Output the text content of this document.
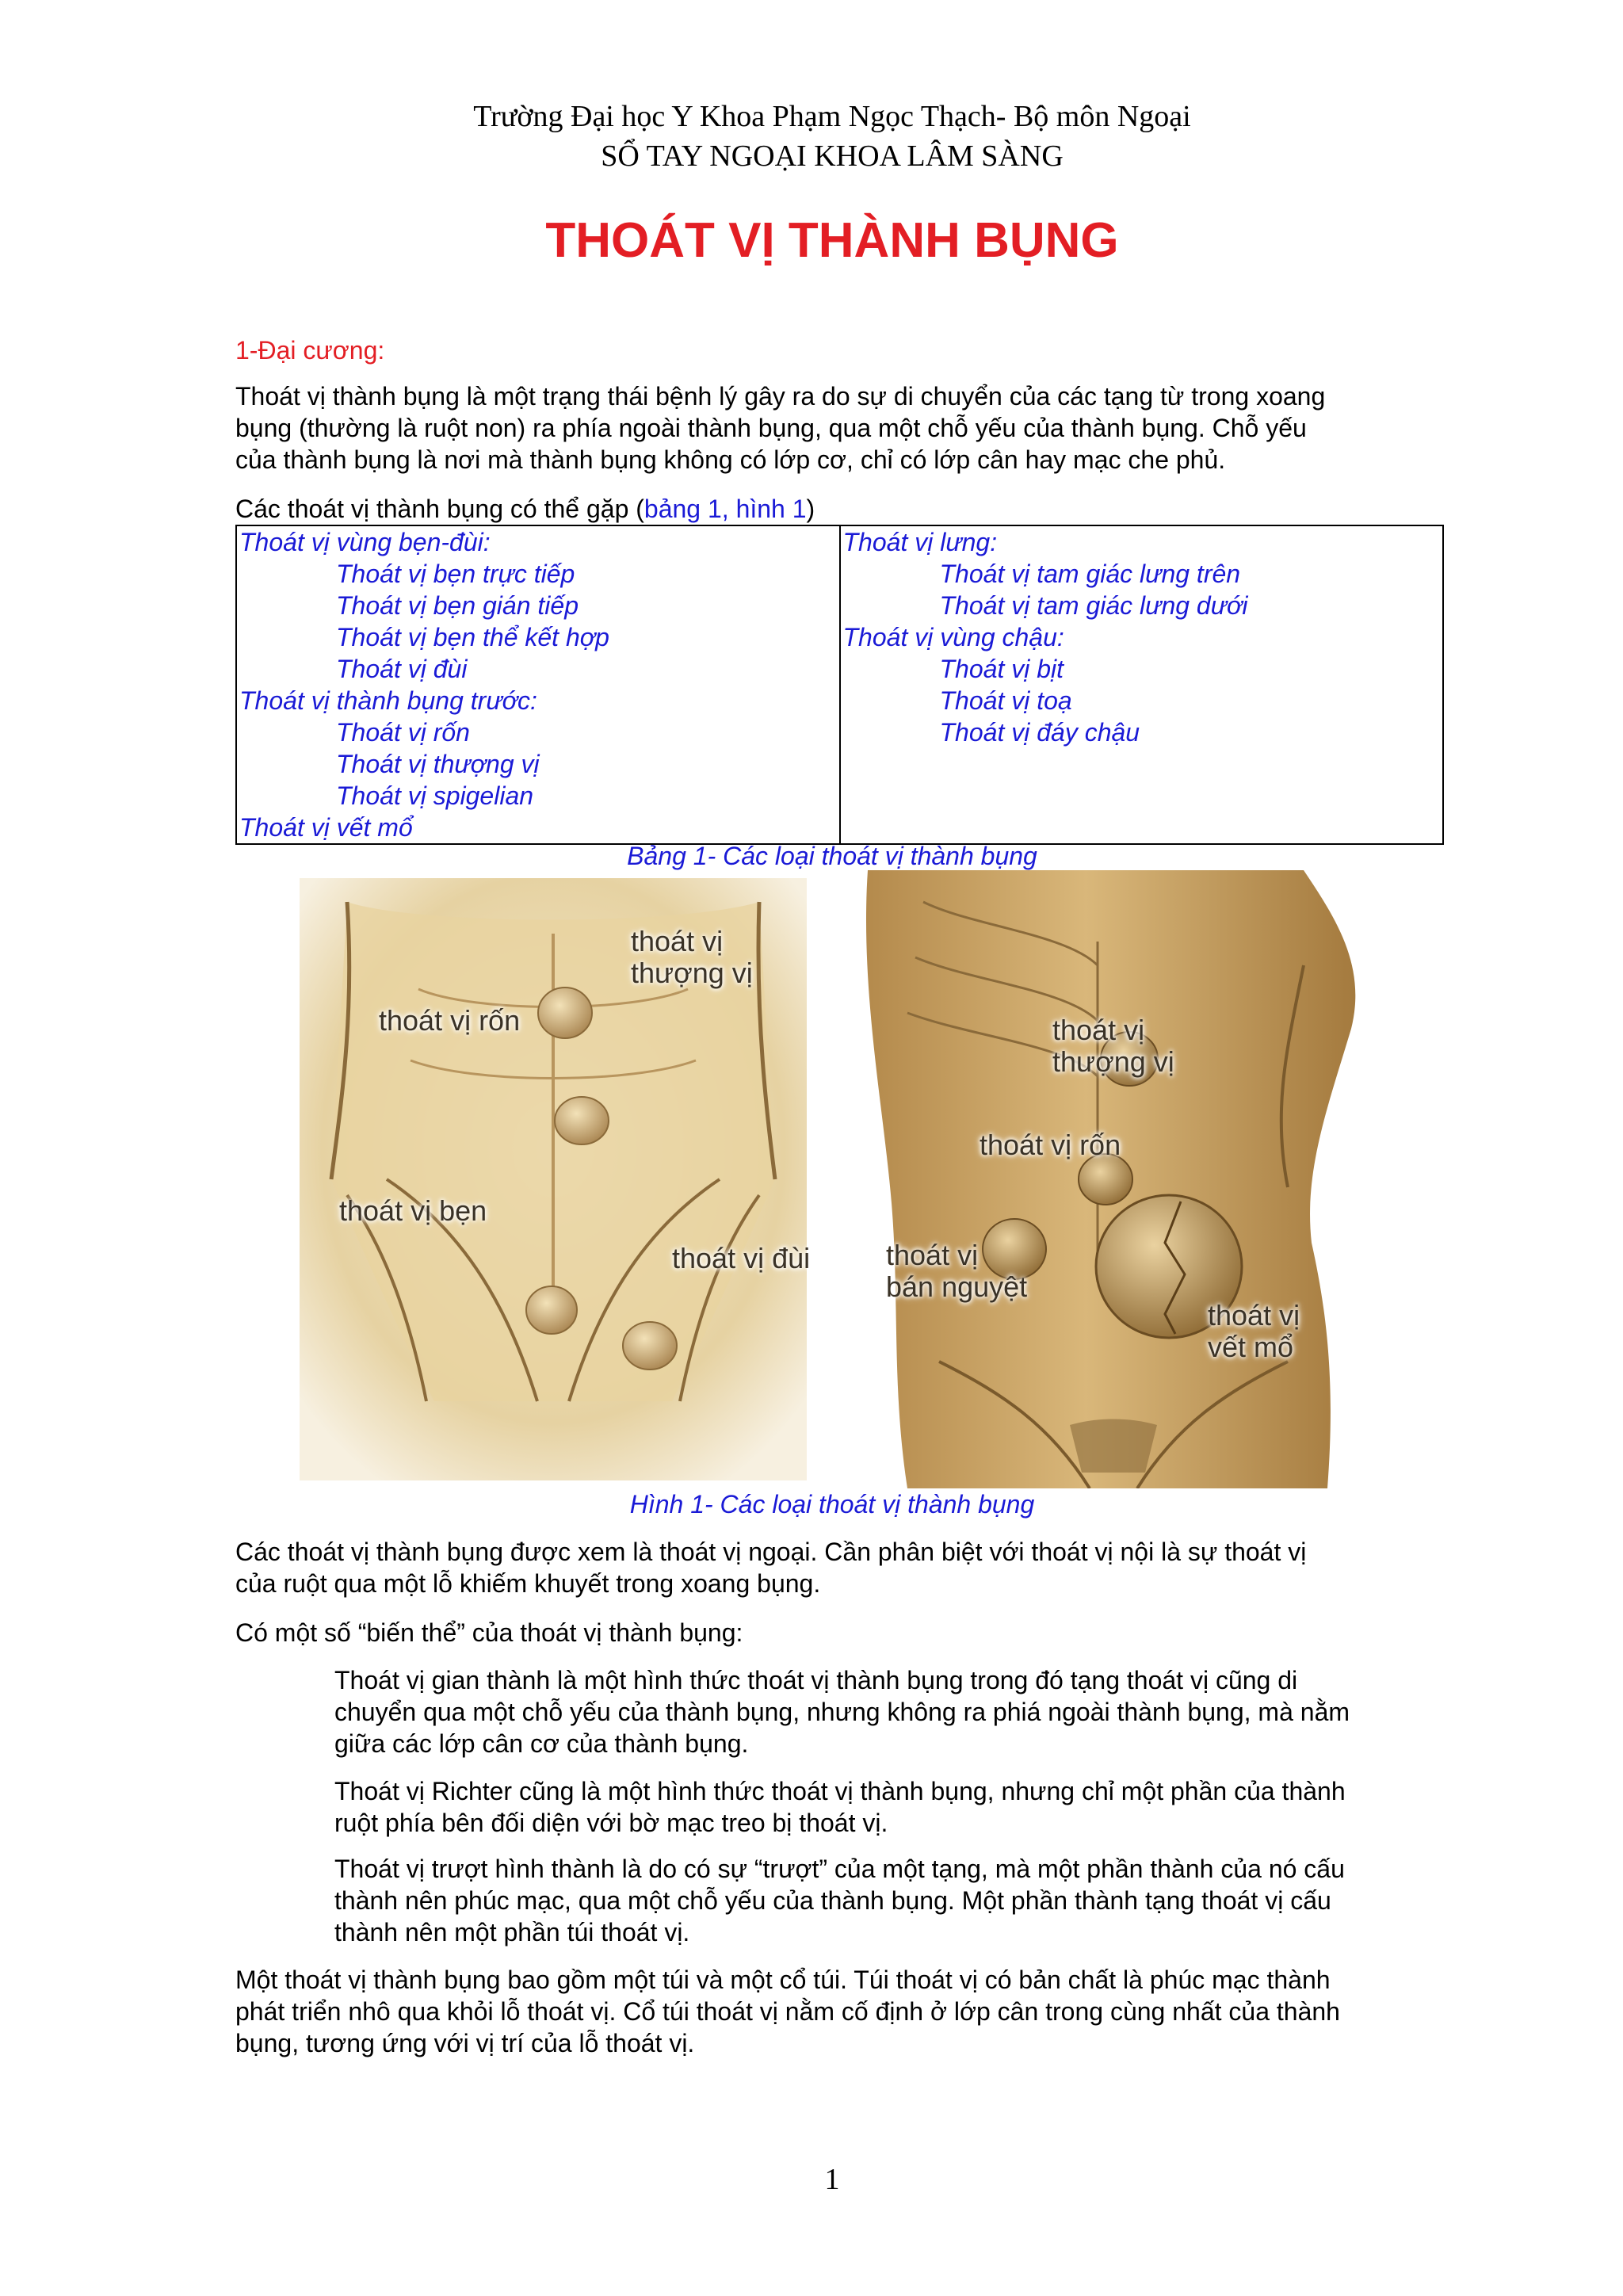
Trường Đại học Y Khoa Phạm Ngọc Thạch- Bộ môn Ngoại
SỔ TAY NGOẠI KHOA LÂM SÀNG
THOÁT VỊ THÀNH BỤNG
1-Đại cương:
Thoát vị thành bụng là một trạng thái bệnh lý gây ra do sự di chuyển của các tạng từ trong xoang
bụng (thường là ruột non) ra phía ngoài thành bụng, qua một chỗ yếu của thành bụng. Chỗ yếu
của thành bụng là nơi mà thành bụng không có lớp cơ, chỉ có lớp cân hay mạc che phủ.
Các thoát vị thành bụng có thể gặp (bảng 1, hình 1)
Thoát vị vùng bẹn-đùi:
Thoát vị bẹn trực tiếp
Thoát vị bẹn gián tiếp
Thoát vị bẹn thể kết hợp
Thoát vị đùi
Thoát vị thành bụng trước:
Thoát vị rốn
Thoát vị thượng vị
Thoát vị spigelian
Thoát vị vết mổ

Thoát vị lưng:
Thoát vị tam giác lưng trên
Thoát vị tam giác lưng dưới
Thoát vị vùng chậu:
Thoát vị bịt
Thoát vị toạ
Thoát vị đáy chậu
Bảng 1- Các loại thoát vị thành bụng
thoát vị
thượng vị
thoát vị rốn
thoát vị bẹn
thoát vị đùi
thoát vị
thượng vị
thoát vị rốn
thoát vị
bán nguyệt
thoát vị
vết mổ
Hình 1- Các loại thoát vị thành bụng
Các thoát vị thành bụng được xem là thoát vị ngoại. Cần phân biệt với thoát vị nội là sự thoát vị
của ruột qua một lỗ khiếm khuyết trong xoang bụng.
Có một số “biến thể” của thoát vị thành bụng:
Thoát vị gian thành là một hình thức thoát vị thành bụng trong đó tạng thoát vị cũng di
chuyển qua một chỗ yếu của thành bụng, nhưng không ra phiá ngoài thành bụng, mà nằm
giữa các lớp cân cơ của thành bụng.
Thoát vị Richter cũng là một hình thức thoát vị thành bụng, nhưng chỉ một phần của thành
ruột phía bên đối diện với bờ mạc treo bị thoát vị.
Thoát vị trượt hình thành là do có sự “trượt” của một tạng, mà một phần thành của nó cấu
thành nên phúc mạc, qua một chỗ yếu của thành bụng. Một phần thành tạng thoát vị cấu
thành nên một phần túi thoát vị.
Một thoát vị thành bụng bao gồm một túi và một cổ túi. Túi thoát vị có bản chất là phúc mạc thành
phát triển nhô qua khỏi lỗ thoát vị. Cổ túi thoát vị nằm cố định ở lớp cân trong cùng nhất của thành
bụng, tương ứng với vị trí của lỗ thoát vị.
1
